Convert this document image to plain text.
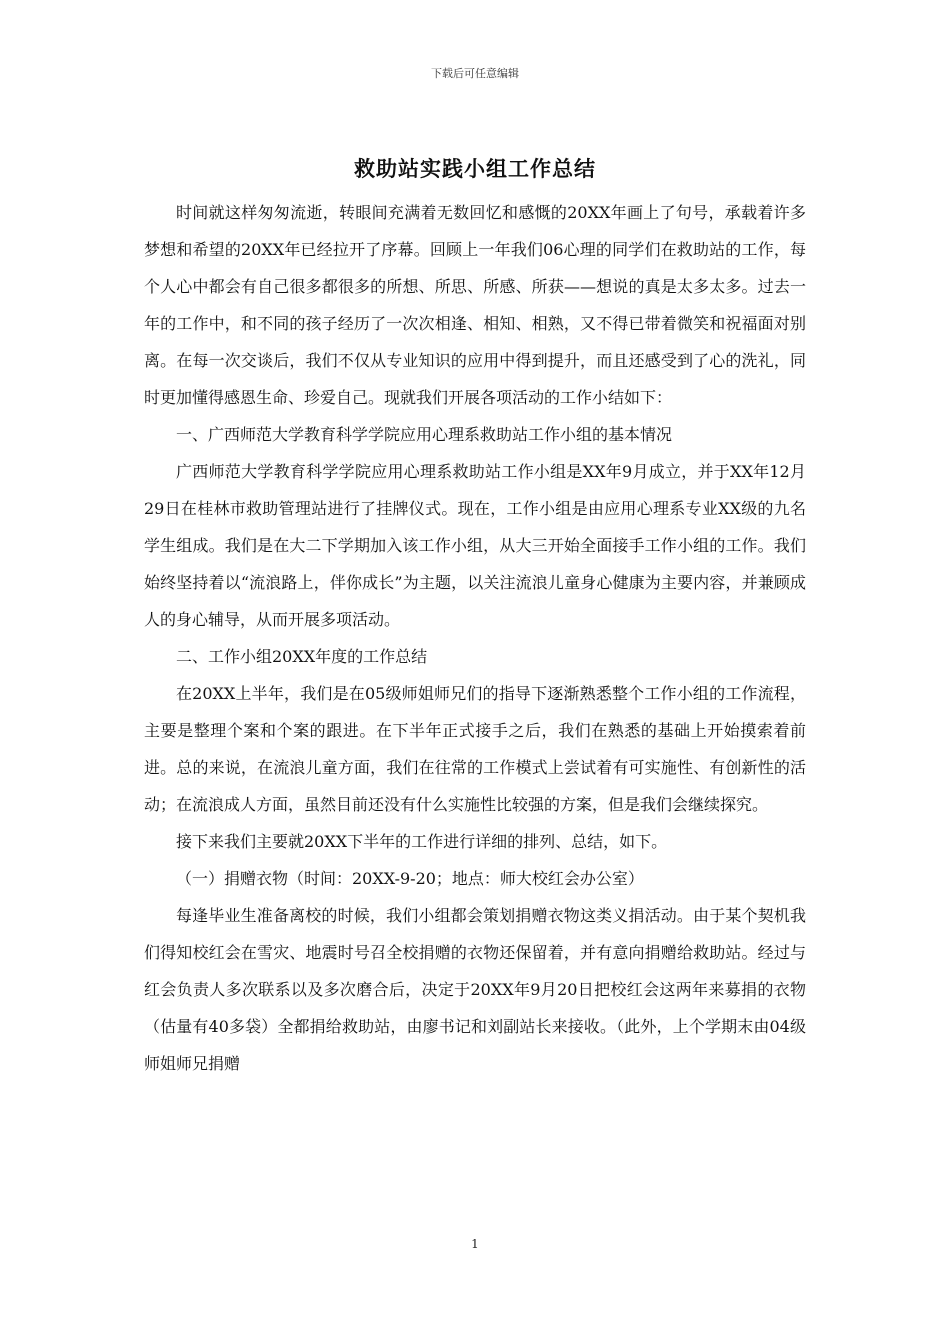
下载后可任意编辑
救助站实践小组工作总结

时间就这样匆匆流逝，转眼间充满着无数回忆和感慨的20XX年画上了句号，承载着许多梦想和希望的20XX年已经拉开了序幕。回顾上一年我们06心理的同学们在救助站的工作，每个人心中都会有自己很多都很多的所想、所思、所感、所获——想说的真是太多太多。过去一年的工作中，和不同的孩子经历了一次次相逢、相知、相熟，又不得已带着微笑和祝福面对别离。在每一次交谈后，我们不仅从专业知识的应用中得到提升，而且还感受到了心的洗礼，同时更加懂得感恩生命、珍爱自己。现就我们开展各项活动的工作小结如下：

一、广西师范大学教育科学学院应用心理系救助站工作小组的基本情况

广西师范大学教育科学学院应用心理系救助站工作小组是XX年9月成立，并于XX年12月29日在桂林市救助管理站进行了挂牌仪式。现在，工作小组是由应用心理系专业XX级的九名学生组成。我们是在大二下学期加入该工作小组，从大三开始全面接手工作小组的工作。我们始终坚持着以“流浪路上，伴你成长”为主题，以关注流浪儿童身心健康为主要内容，并兼顾成人的身心辅导，从而开展多项活动。

二、工作小组20XX年度的工作总结

在20XX上半年，我们是在05级师姐师兄们的指导下逐渐熟悉整个工作小组的工作流程，主要是整理个案和个案的跟进。在下半年正式接手之后，我们在熟悉的基础上开始摸索着前进。总的来说，在流浪儿童方面，我们在往常的工作模式上尝试着有可实施性、有创新性的活动；在流浪成人方面，虽然目前还没有什么实施性比较强的方案，但是我们会继续探究。

接下来我们主要就20XX下半年的工作进行详细的排列、总结，如下。

（一）捐赠衣物（时间：20XX-9-20；地点：师大校红会办公室）

每逢毕业生准备离校的时候，我们小组都会策划捐赠衣物这类义捐活动。由于某个契机我们得知校红会在雪灾、地震时号召全校捐赠的衣物还保留着，并有意向捐赠给救助站。经过与红会负责人多次联系以及多次磨合后，决定于20XX年9月20日把校红会这两年来募捐的衣物（估量有40多袋）全都捐给救助站，由廖书记和刘副站长来接收。（此外，上个学期末由04级师姐师兄捐赠

1
